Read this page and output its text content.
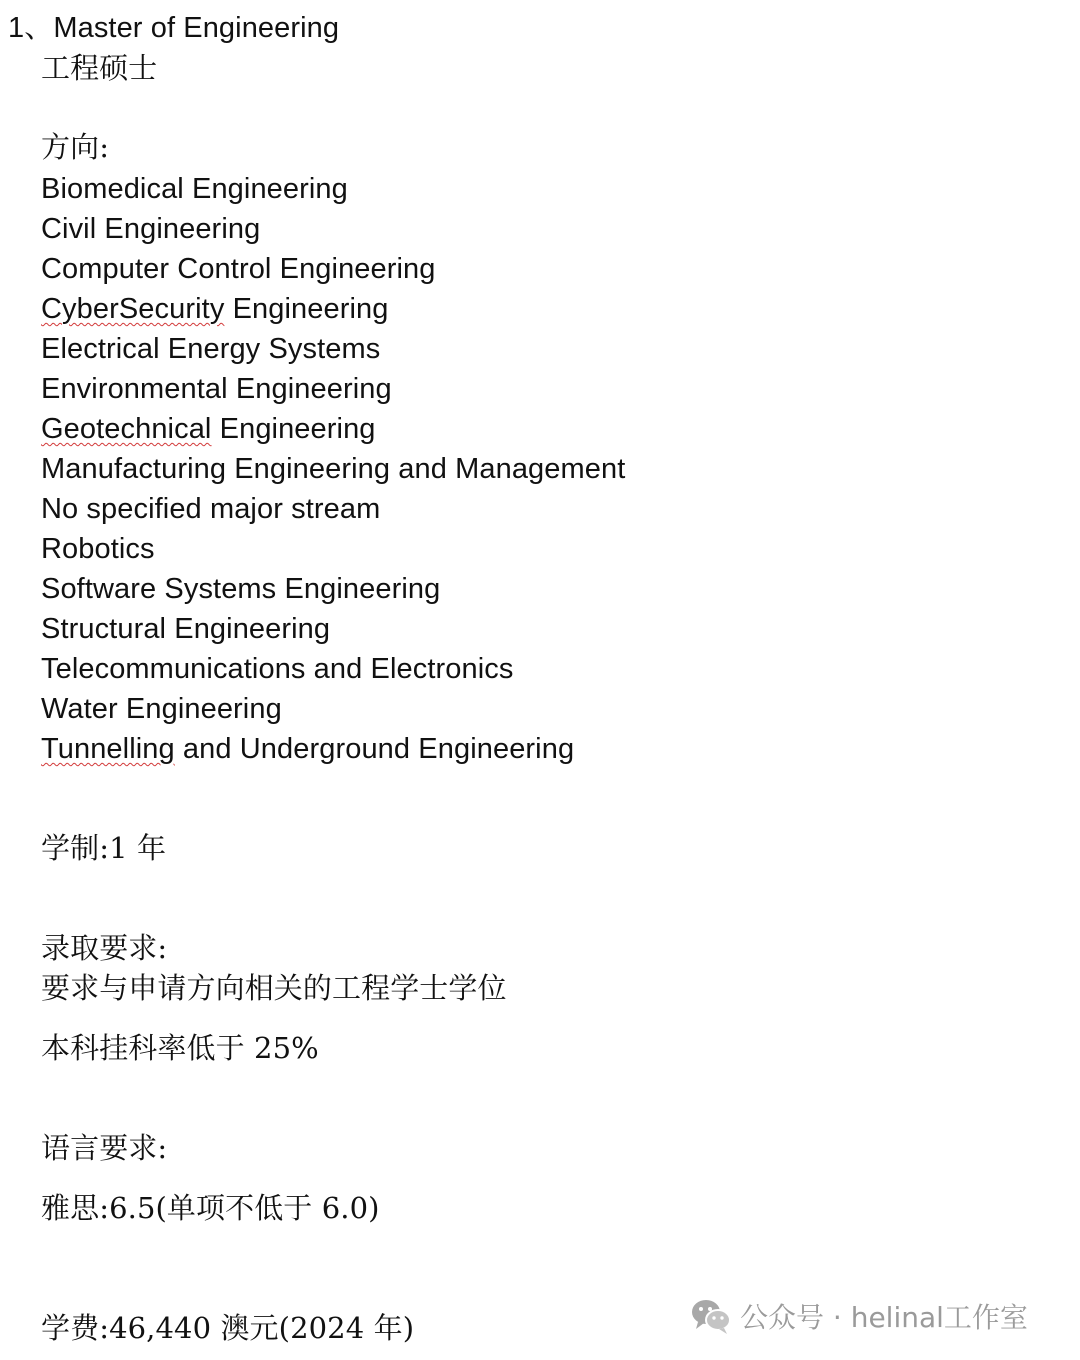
1、Master of Engineering
工程硕士
方向:
Biomedical Engineering
Civil Engineering
Computer Control Engineering
CyberSecurity Engineering
Electrical Energy Systems
Environmental Engineering
Geotechnical Engineering
Manufacturing Engineering and Management
No specified major stream
Robotics
Software Systems Engineering
Structural Engineering
Telecommunications and Electronics
Water Engineering
Tunnelling and Underground Engineering
学制:1 年
录取要求:
要求与申请方向相关的工程学士学位
本科挂科率低于 25%
语言要求:
雅思:6.5(单项不低于 6.0)
学费:46,440 澳元(2024 年)	公众号 · helinal工作室
